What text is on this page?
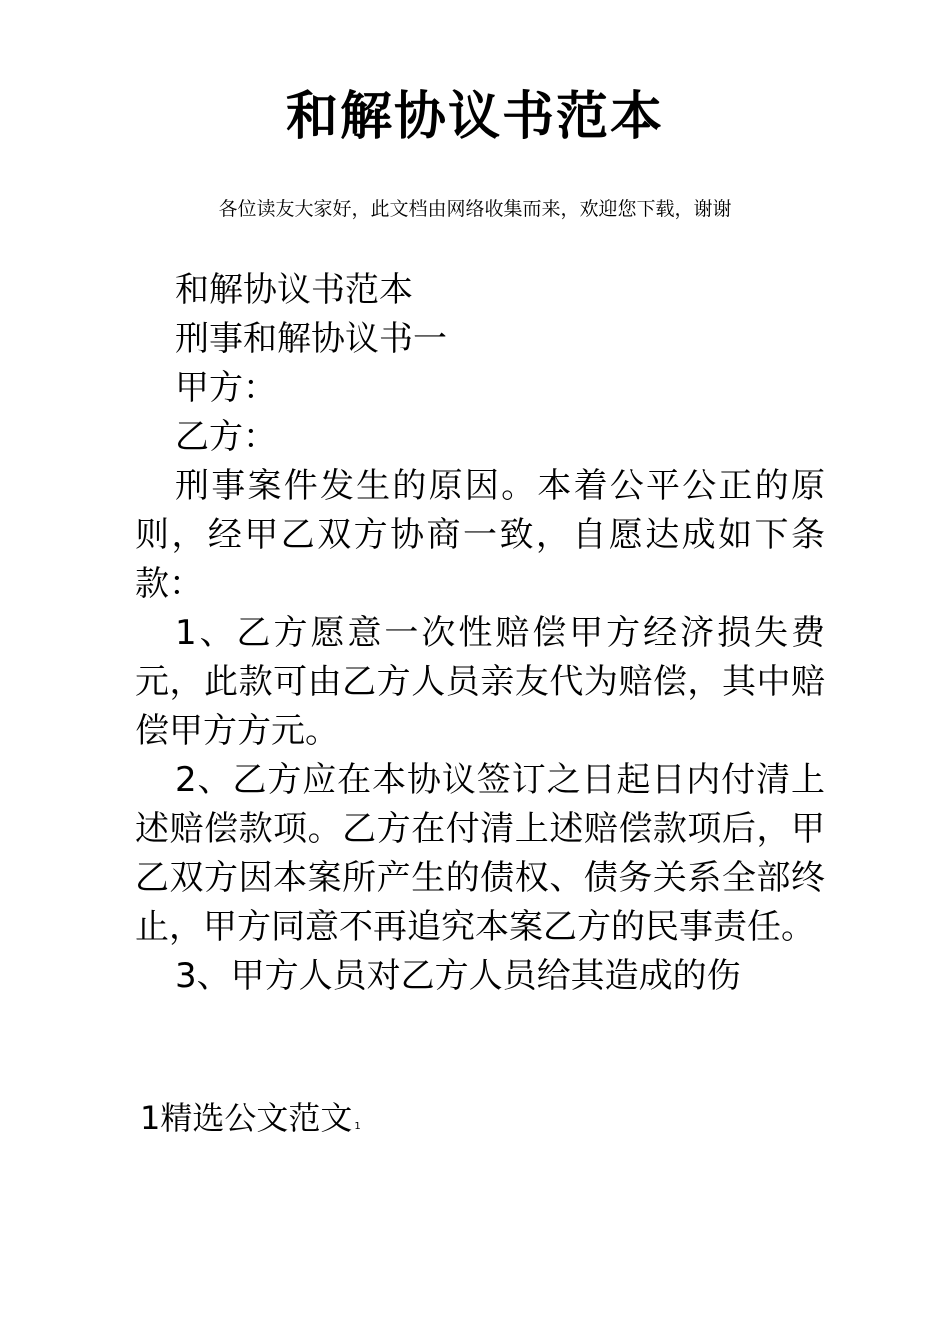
和解协议书范本
各位读友大家好，此文档由网络收集而来，欢迎您下载，谢谢

和解协议书范本

刑事和解协议书一

甲方：

乙方：

刑事案件发生的原因。本着公平公正的原则，经甲乙双方协商一致，自愿达成如下条款：

1、乙方愿意一次性赔偿甲方经济损失费元，此款可由乙方人员亲友代为赔偿，其中赔偿甲方方元。

2、乙方应在本协议签订之日起日内付清上述赔偿款项。乙方在付清上述赔偿款项后，甲乙双方因本案所产生的债权、债务关系全部终止，甲方同意不再追究本案乙方的民事责任。

3、甲方人员对乙方人员给其造成的伤

1精选公文范文 1
